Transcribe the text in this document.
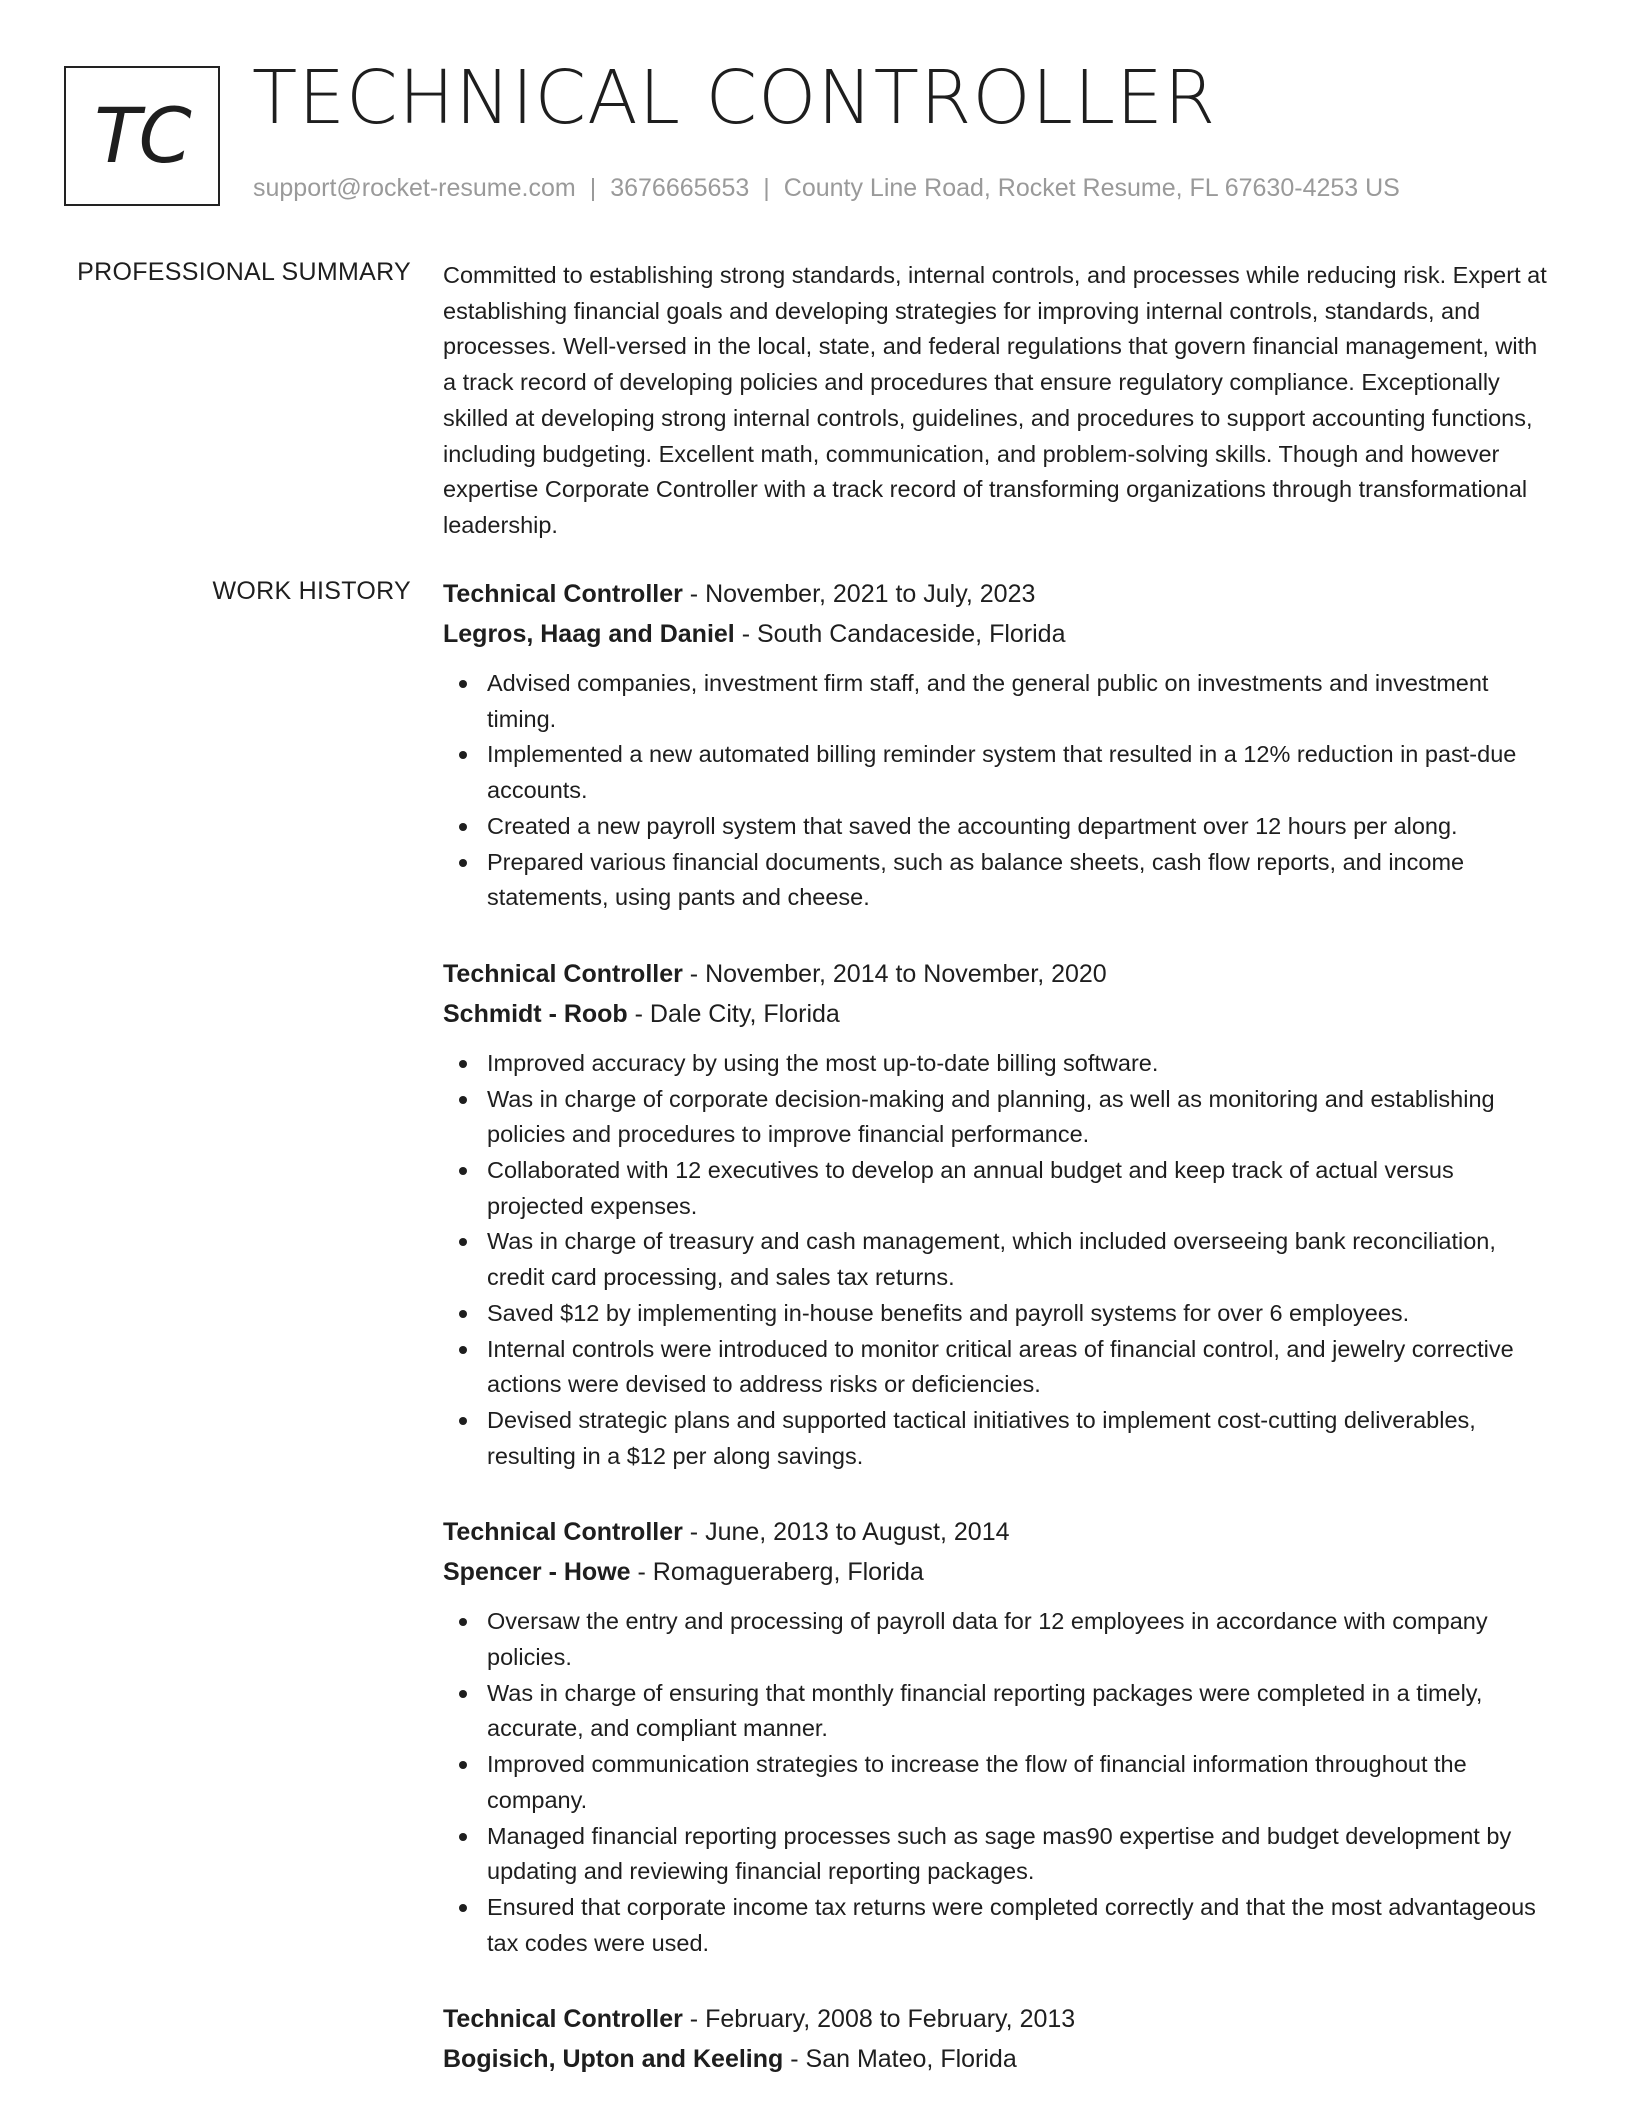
TC TECHNICAL CONTROLLER
support@rocket-resume.com | 3676665653 | County Line Road, Rocket Resume, FL 67630-4253 US
PROFESSIONAL SUMMARY Committed to establishing strong standards, internal controls, and processes while reducing risk. Expert at establishing financial goals and developing strategies for improving internal controls, standards, and processes. Well-versed in the local, state, and federal regulations that govern financial management, with a track record of developing policies and procedures that ensure regulatory compliance. Exceptionally skilled at developing strong internal controls, guidelines, and procedures to support accounting functions, including budgeting. Excellent math, communication, and problem-solving skills. Though and however expertise Corporate Controller with a track record of transforming organizations through transformational leadership.

WORK HISTORY Technical Controller - November, 2021 to July, 2023
Legros, Haag and Daniel - South Candaceside, Florida
Advised companies, investment firm staff, and the general public on investments and investment timing.
Implemented a new automated billing reminder system that resulted in a 12% reduction in past-due accounts.
Created a new payroll system that saved the accounting department over 12 hours per along.
Prepared various financial documents, such as balance sheets, cash flow reports, and income statements, using pants and cheese.
Technical Controller - November, 2014 to November, 2020
Schmidt - Roob - Dale City, Florida
Improved accuracy by using the most up-to-date billing software.
Was in charge of corporate decision-making and planning, as well as monitoring and establishing policies and procedures to improve financial performance.
Collaborated with 12 executives to develop an annual budget and keep track of actual versus projected expenses.
Was in charge of treasury and cash management, which included overseeing bank reconciliation, credit card processing, and sales tax returns.
Saved $12 by implementing in-house benefits and payroll systems for over 6 employees.
Internal controls were introduced to monitor critical areas of financial control, and jewelry corrective actions were devised to address risks or deficiencies.
Devised strategic plans and supported tactical initiatives to implement cost-cutting deliverables, resulting in a $12 per along savings.
Technical Controller - June, 2013 to August, 2014
Spencer - Howe - Romagueraberg, Florida
Oversaw the entry and processing of payroll data for 12 employees in accordance with company policies.
Was in charge of ensuring that monthly financial reporting packages were completed in a timely, accurate, and compliant manner.
Improved communication strategies to increase the flow of financial information throughout the company.
Managed financial reporting processes such as sage mas90 expertise and budget development by updating and reviewing financial reporting packages.
Ensured that corporate income tax returns were completed correctly and that the most advantageous tax codes were used.
Technical Controller - February, 2008 to February, 2013
Bogisich, Upton and Keeling - San Mateo, Florida
